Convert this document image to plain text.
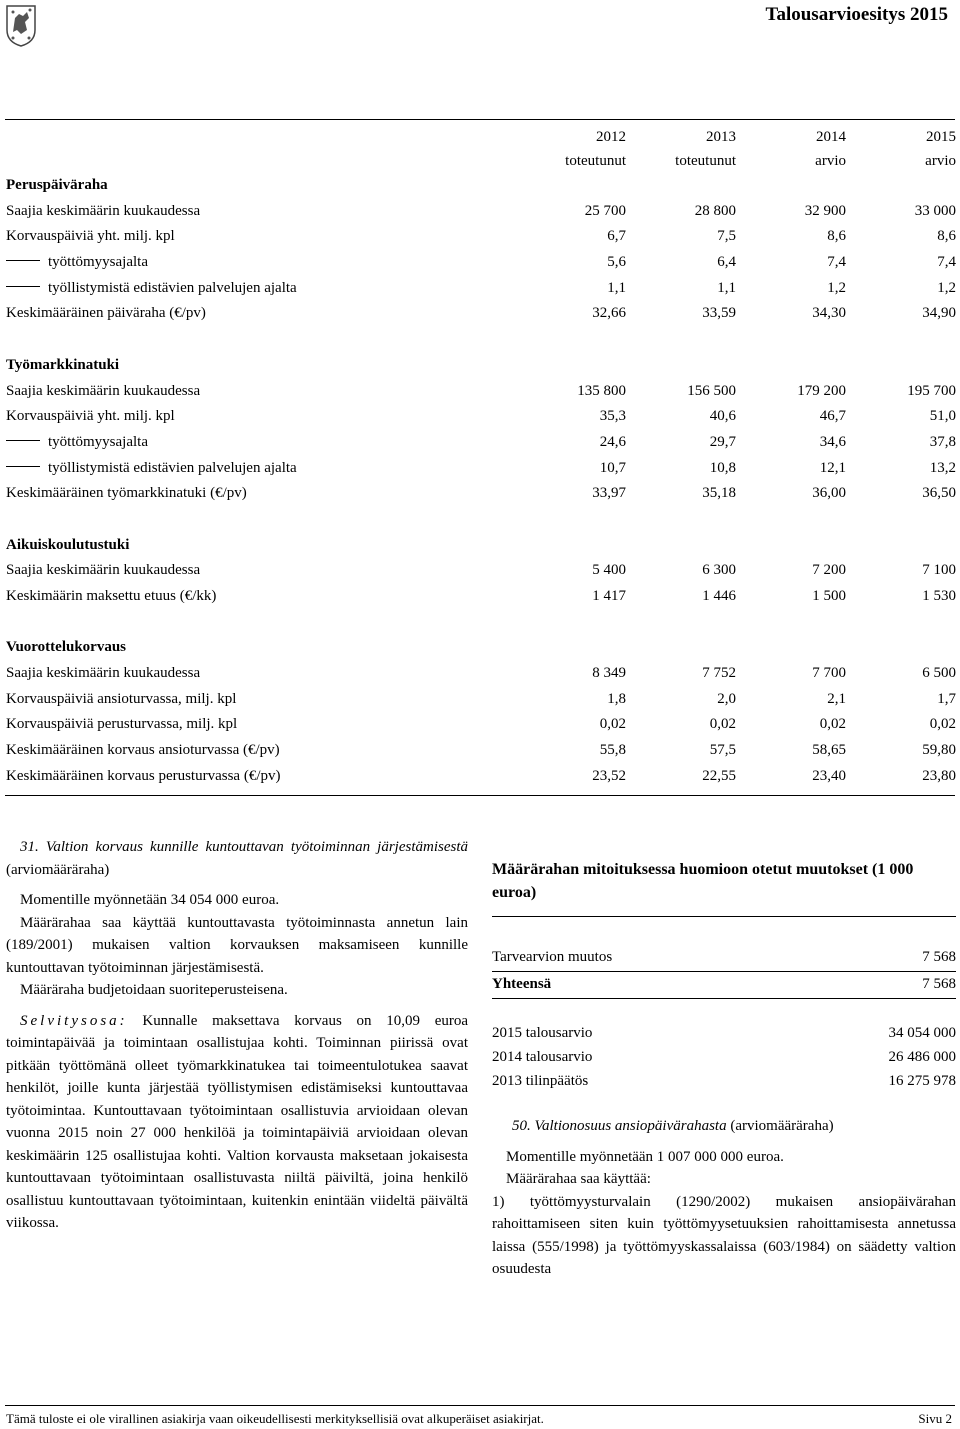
Talousarvioesitys 2015
2012	2013	2014	2015
toteutunut	toteutunut	arvio	arvio
Peruspäiväraha
Saajia keskimäärin kuukaudessa	25 700	28 800	32 900	33 000
Korvauspäiviä yht. milj. kpl	6,7	7,5	8,6	8,6
työttömyysajalta	5,6	6,4	7,4	7,4
työllistymistä edistävien palvelujen ajalta	1,1	1,1	1,2	1,2
Keskimääräinen päiväraha (€/pv)	32,66	33,59	34,30	34,90
Työmarkkinatuki
Saajia keskimäärin kuukaudessa	135 800	156 500	179 200	195 700
Korvauspäiviä yht. milj. kpl	35,3	40,6	46,7	51,0
työttömyysajalta	24,6	29,7	34,6	37,8
työllistymistä edistävien palvelujen ajalta	10,7	10,8	12,1	13,2
Keskimääräinen työmarkkinatuki (€/pv)	33,97	35,18	36,00	36,50
Aikuiskoulutustuki
Saajia keskimäärin kuukaudessa	5 400	6 300	7 200	7 100
Keskimäärin maksettu etuus (€/kk)	1 417	1 446	1 500	1 530
Vuorottelukorvaus
Saajia keskimäärin kuukaudessa	8 349	7 752	7 700	6 500
Korvauspäiviä ansioturvassa, milj. kpl	1,8	2,0	2,1	1,7
Korvauspäiviä perusturvassa, milj. kpl	0,02	0,02	0,02	0,02
Keskimääräinen korvaus ansioturvassa (€/pv)	55,8	57,5	58,65	59,80
Keskimääräinen korvaus perusturvassa (€/pv)	23,52	22,55	23,40	23,80

31. Valtion korvaus kunnille kuntouttavan työtoiminnan järjestämisestä (arviomääräraha)

Momentille myönnetään 34 054 000 euroa.

Määrärahaa saa käyttää kuntouttavasta työtoiminnasta annetun lain (189/2001) mukaisen valtion korvauksen maksamiseen kunnille kuntouttavan työtoiminnan järjestämisestä.

Määräraha budjetoidaan suoriteperusteisena.

Selvitysosa: Kunnalle maksettava korvaus on 10,09 euroa toimintapäivää ja toimintaan osallistujaa kohti. Toiminnan piirissä ovat pitkään työttömänä olleet työmarkkinatukea tai toimeentulotukea saavat henkilöt, joille kunta järjestää työllistymisen edistämiseksi kuntouttavaa työtoimintaa. Kuntouttavaan työtoimintaan osallistuvia arvioidaan olevan vuonna 2015 noin 27 000 henkilöä ja toimintapäiviä arvioidaan olevan keskimäärin 125 osallistujaa kohti. Valtion korvausta maksetaan jokaisesta kuntouttavaan työtoimintaan osallistuvasta niiltä päiviltä, joina henkilö osallistuu kuntouttavaan työtoimintaan, kuitenkin enintään viideltä päivältä viikossa.

Määrärahan mitoituksessa huomioon otetut muutokset (1 000 euroa)
Tarvearvion muutos	7 568
Yhteensä	7 568
2015 talousarvio	34 054 000
2014 talousarvio	26 486 000
2013 tilinpäätös	16 275 978

50. Valtionosuus ansiopäivärahasta (arviomääräraha)

Momentille myönnetään 1 007 000 000 euroa.

Määrärahaa saa käyttää:

1) työttömyysturvalain (1290/2002) mukaisen ansiopäivärahan rahoittamiseen siten kuin työttömyysetuuksien rahoittamisesta annetussa laissa (555/1998) ja työttömyyskassalaissa (603/1984) on säädetty valtion osuudesta

Tämä tuloste ei ole virallinen asiakirja vaan oikeudellisesti merkityksellisiä ovat alkuperäiset asiakirjat.	Sivu 2
